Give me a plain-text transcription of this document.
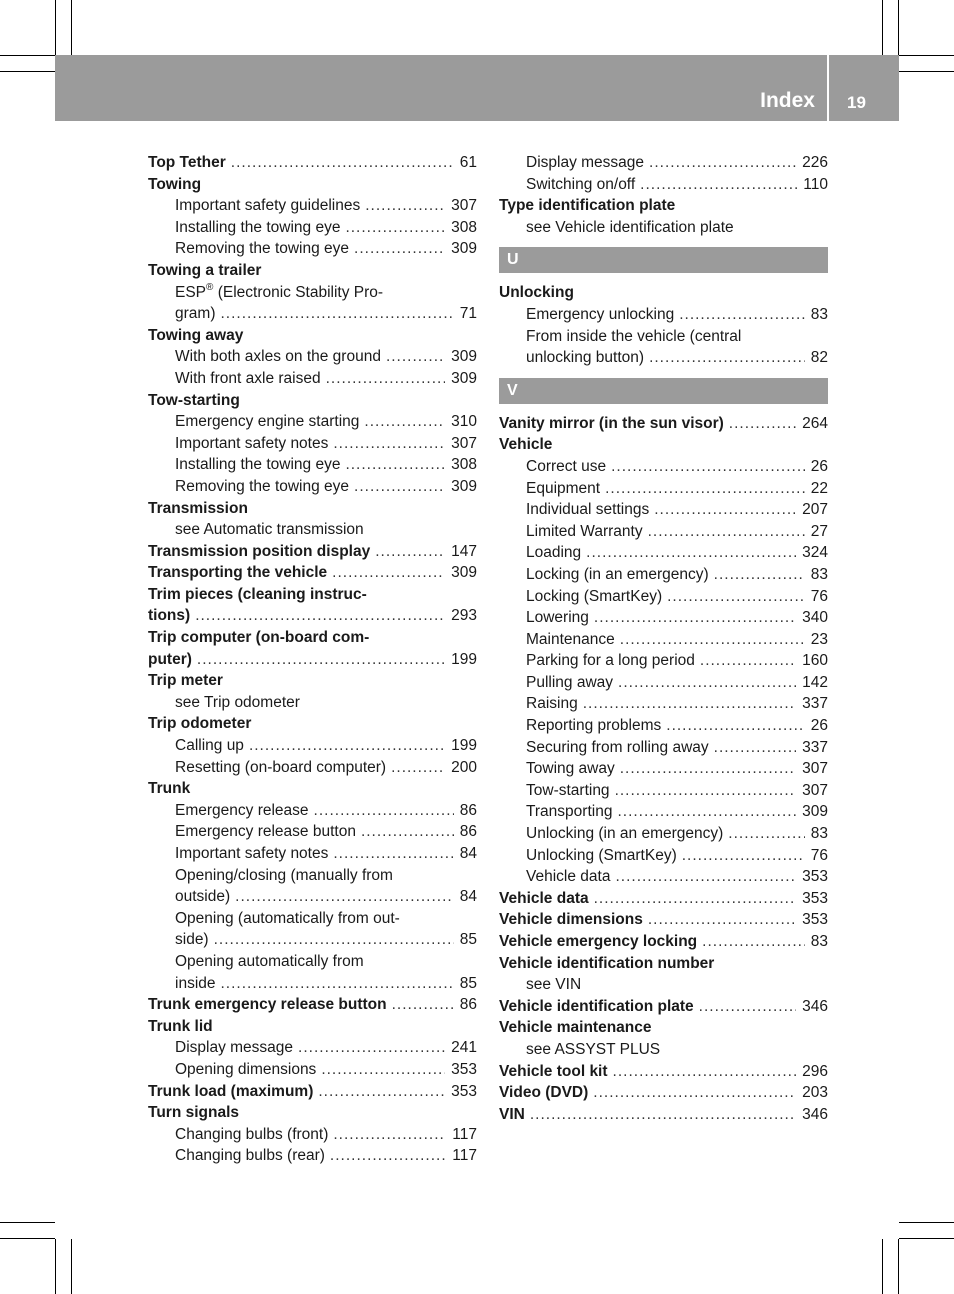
Index 19
Top Tether .....	61
Towing
Important safety guidelines .....	307
Installing the towing eye .....	308
Removing the towing eye .....	309
Towing a trailer
ESP® (Electronic Stability Pro-
gram) .....	71
Towing away
With both axles on the ground .....	309
With front axle raised .....	309
Tow-starting
Emergency engine starting .....	310
Important safety notes .....	307
Installing the towing eye .....	308
Removing the towing eye .....	309
Transmission
see Automatic transmission
Transmission position display .....	147
Transporting the vehicle .....	309
Trim pieces (cleaning instruc-
tions) .....	293
Trip computer (on-board com-
puter) .....	199
Trip meter
see Trip odometer
Trip odometer
Calling up .....	199
Resetting (on-board computer) .....	200
Trunk
Emergency release .....	86
Emergency release button .....	86
Important safety notes .....	84
Opening/closing (manually from
outside) .....	84
Opening (automatically from out-
side) .....	85
Opening automatically from
inside .....	85
Trunk emergency release button .....	86
Trunk lid
Display message .....	241
Opening dimensions .....	353
Trunk load (maximum) .....	353
Turn signals
Changing bulbs (front) .....	117
Changing bulbs (rear) .....	117
Display message .....	226
Switching on/off .....	110
Type identification plate
see Vehicle identification plate
U
Unlocking
Emergency unlocking .....	83
From inside the vehicle (central
unlocking button) .....	82
V
Vanity mirror (in the sun visor) .....	264
Vehicle
Correct use .....	26
Equipment .....	22
Individual settings .....	207
Limited Warranty .....	27
Loading .....	324
Locking (in an emergency) .....	83
Locking (SmartKey) .....	76
Lowering .....	340
Maintenance .....	23
Parking for a long period .....	160
Pulling away .....	142
Raising .....	337
Reporting problems .....	26
Securing from rolling away .....	337
Towing away .....	307
Tow-starting .....	307
Transporting .....	309
Unlocking (in an emergency) .....	83
Unlocking (SmartKey) .....	76
Vehicle data .....	353
Vehicle data .....	353
Vehicle dimensions .....	353
Vehicle emergency locking .....	83
Vehicle identification number
see VIN
Vehicle identification plate .....	346
Vehicle maintenance
see ASSYST PLUS
Vehicle tool kit .....	296
Video (DVD) .....	203
VIN .....	346
